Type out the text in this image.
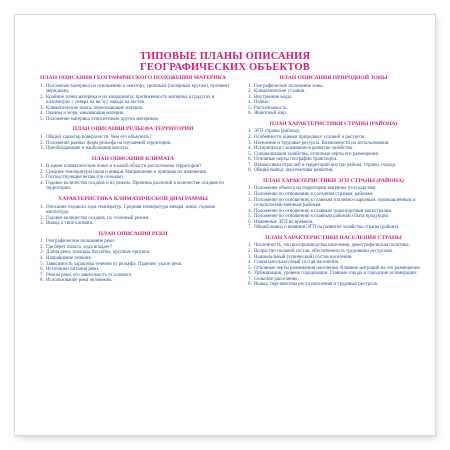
ТИПОВЫЕ ПЛАНЫ ОПИСАНИЯ
ГЕОГРАФИЧЕСКИХ ОБЪЕКТОВ
ПЛАН ОПИСАНИЯ ГЕОГРАФИЧЕСКОГО ПОЛОЖЕНИЯ МАТЕРИКА
1. Положение материка по отношению к экватору, тропикам (полярным кругам), нулевому меридиану.
2. Крайние точки материка и их координаты; протяженность материка в градусах и километрах с севера на юг и с запада на восток.
3. Климатические пояса, пересекающие материк.
4. Океаны и моря, омывающие материк.
5. Положение материка относительно других материков.
ПЛАН ОПИСАНИЯ РЕЛЬЕФА ТЕРРИТОРИИ
1. Общий характер поверхности. Чем его объяснить?
2. Положение разных форм рельефа на изучаемой территории.
3. Преобладающие и наибольшие высоты.
ПЛАН ОПИСАНИЯ КЛИМАТА
1. В каком климатическом поясе и в какой области расположена территория?
2. Средние температуры июля и января. Направление и причины их изменения.
3. Господствующие ветры (по сезонам).
4. Годовое количество осадков и их режим. Причины различий в количестве осадков по территории.
ХАРАКТЕРИСТИКА КЛИМАТИЧЕСКОЙ ДИАГРАММЫ
1. Описание годового хода температур. Средняя температура января, июля, годовая амплитуда.
2. Годовое количество осадков, их сезонный режим.
3. Вывод о типе климата.
ПЛАН ОПИСАНИЯ РЕКИ
1. Географическое положение реки.
2. Где берет начало, куда впадает?
3. Длина реки, площадь бассейна, крупные притоки.
4. Направление течения.
5. Зависимость характера течения от рельефа. Падение, уклон реки.
6. Источники питания реки.
7. Режим реки, его зависимость от климата.
8. Использование реки человеком.
ПЛАН ОПИСАНИЯ ПРИРОДНОЙ ЗОНЫ
1. Географическое положение зоны.
2. Климатические условия.
3. Внутренние воды.
4. Почвы.
5. Растительность.
6. Животный мир.
ПЛАН ХАРАКТЕРИСТИКИ СТРАНЫ (РАЙОНА)
1. ЭГП страны (района).
2. Особенности оценки природных условий и ресурсов.
3. Население и трудовые ресурсы. Возможности их использования.
4. Исторически сложившиеся развитие хозяйства.
5. Специализация хозяйства, отличные черты его размещения.
6. Основные черты географии транспорта.
7. Взаимосвязи отраслей и территорий внутри района, страны, города.
8. Общий вывод: перспективы развития.
ПЛАН ХАРАКТЕРИСТИКИ ЭГП СТРАНЫ (РАЙОНА)
1. Положение объекта на территории материка (государства).
2. Положение по отношению к соседним странам, районам.
3. Положение по отношению к главным топливно-сырьевым, промышленным и сельскохозяйственным районам.
4. Положение по отношению к главным транспортным магистралям.
5. Положение по отношению к главным районам сбыта продукции.
6. Изменение ЭГП во времени.
7. Общий вывод о влиянии ЭГП на развитие хозяйства страны (района).
ПЛАН ХАРАКТЕРИСТИКИ НАСЕЛЕНИЯ СТРАНЫ
1. Численность, тип воспроизводства населения, демографическая политика.
2. Возрастно-половой состав, обеспеченность трудовыми ресурсами.
3. Национальный (этнический) состав населения.
4. Социально-классовый состав населения.
5. Основные черты размещения населения. Влияние миграций на это размещение.
6. Урбанизация, уровень городизации. Главные города и городские агломерации.
7. Сельское расселение.
8. Вывод: перспективы роста населения и трудовых ресурсов.
